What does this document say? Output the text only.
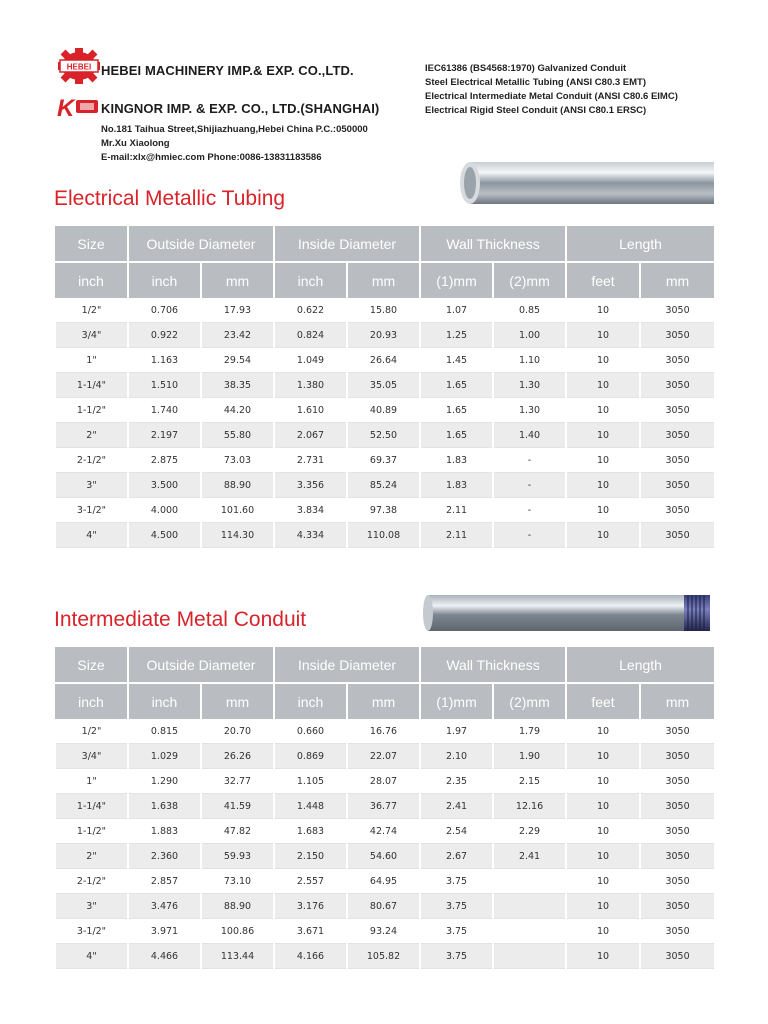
HEBEI HEBEI MACHINERY IMP.& EXP. CO.,LTD.
K KINGNOR IMP. & EXP. CO., LTD.(SHANGHAI)
No.181 Taihua Street,Shijiazhuang,Hebei China P.C.:050000
Mr.Xu Xiaolong
E-mail:xlx@hmiec.com Phone:0086-13831183586
IEC61386 (BS4568:1970) Galvanized Conduit
Steel Electrical Metallic Tubing (ANSI C80.3 EMT)
Electrical Intermediate Metal Conduit (ANSI C80.6 EIMC)
Electrical Rigid Steel Conduit (ANSI C80.1 ERSC)
Electrical Metallic Tubing
Size	Outside Diameter		Inside Diameter		Wall Thickness		Length	
inch	inch	mm	inch	mm	(1)mm	(2)mm	feet	mm
1/2"	0.706	17.93	0.622	15.80	1.07	0.85	10	3050
3/4"	0.922	23.42	0.824	20.93	1.25	1.00	10	3050
1"	1.163	29.54	1.049	26.64	1.45	1.10	10	3050
1-1/4"	1.510	38.35	1.380	35.05	1.65	1.30	10	3050
1-1/2"	1.740	44.20	1.610	40.89	1.65	1.30	10	3050
2"	2.197	55.80	2.067	52.50	1.65	1.40	10	3050
2-1/2"	2.875	73.03	2.731	69.37	1.83	-	10	3050
3"	3.500	88.90	3.356	85.24	1.83	-	10	3050
3-1/2"	4.000	101.60	3.834	97.38	2.11	-	10	3050
4"	4.500	114.30	4.334	110.08	2.11	-	10	3050
Intermediate Metal Conduit
Size	Outside Diameter		Inside Diameter		Wall Thickness		Length	
inch	inch	mm	inch	mm	(1)mm	(2)mm	feet	mm
1/2"	0.815	20.70	0.660	16.76	1.97	1.79	10	3050
3/4"	1.029	26.26	0.869	22.07	2.10	1.90	10	3050
1"	1.290	32.77	1.105	28.07	2.35	2.15	10	3050
1-1/4"	1.638	41.59	1.448	36.77	2.41	12.16	10	3050
1-1/2"	1.883	47.82	1.683	42.74	2.54	2.29	10	3050
2"	2.360	59.93	2.150	54.60	2.67	2.41	10	3050
2-1/2"	2.857	73.10	2.557	64.95	3.75		10	3050
3"	3.476	88.90	3.176	80.67	3.75		10	3050
3-1/2"	3.971	100.86	3.671	93.24	3.75		10	3050
4"	4.466	113.44	4.166	105.82	3.75		10	3050
